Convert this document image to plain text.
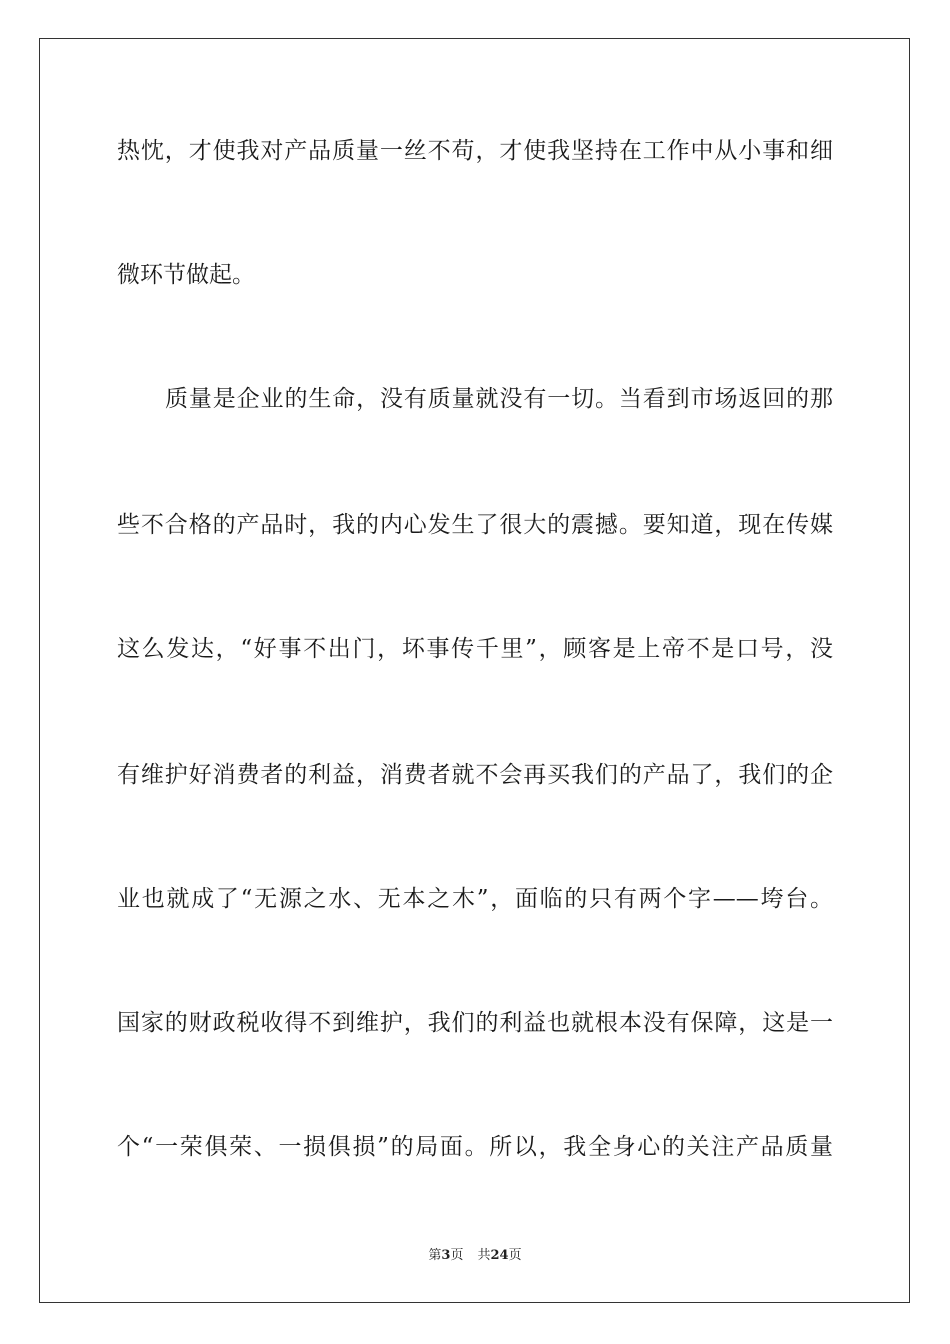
热忱，才使我对产品质量一丝不苟，才使我坚持在工作中从小事和细
微环节做起。
质量是企业的生命，没有质量就没有一切。当看到市场返回的那
些不合格的产品时，我的内心发生了很大的震撼。要知道，现在传媒
这么发达，“好事不出门，坏事传千里”，顾客是上帝不是口号，没
有维护好消费者的利益，消费者就不会再买我们的产品了，我们的企
业也就成了“无源之水、无本之木”，面临的只有两个字——垮台。
国家的财政税收得不到维护，我们的利益也就根本没有保障，这是一
个“一荣俱荣、一损俱损”的局面。所以，我全身心的关注产品质量
第3页 共24页
